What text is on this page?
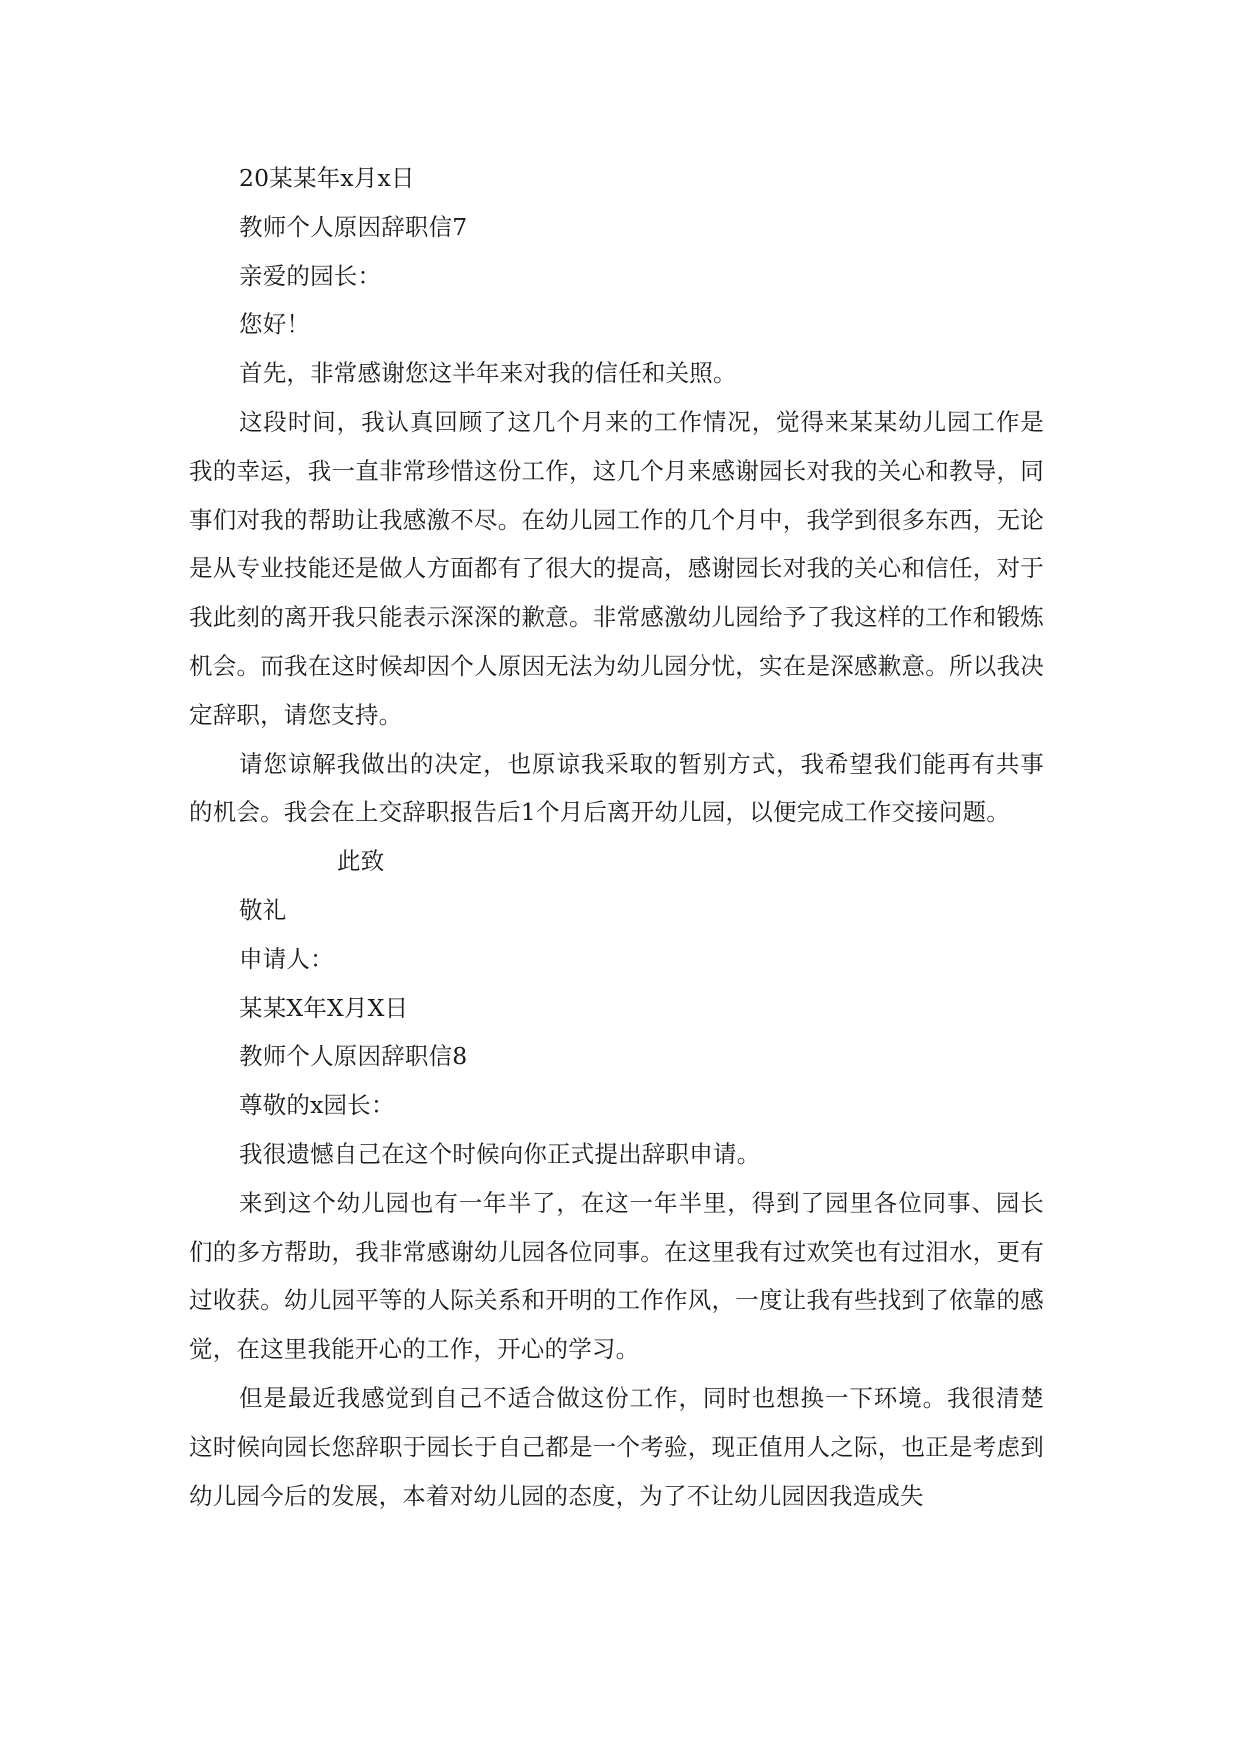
20某某年x月x日

教师个人原因辞职信7

亲爱的园长：

您好！

首先，非常感谢您这半年来对我的信任和关照。

这段时间，我认真回顾了这几个月来的工作情况，觉得来某某幼儿园工作是我的幸运，我一直非常珍惜这份工作，这几个月来感谢园长对我的关心和教导，同事们对我的帮助让我感激不尽。在幼儿园工作的几个月中，我学到很多东西，无论是从专业技能还是做人方面都有了很大的提高，感谢园长对我的关心和信任，对于我此刻的离开我只能表示深深的歉意。非常感激幼儿园给予了我这样的工作和锻炼机会。而我在这时候却因个人原因无法为幼儿园分忧，实在是深感歉意。所以我决定辞职，请您支持。

请您谅解我做出的决定，也原谅我采取的暂别方式，我希望我们能再有共事的机会。我会在上交辞职报告后1个月后离开幼儿园，以便完成工作交接问题。

此致

敬礼

申请人：

某某X年X月X日

教师个人原因辞职信8

尊敬的x园长：

我很遗憾自己在这个时候向你正式提出辞职申请。

来到这个幼儿园也有一年半了，在这一年半里，得到了园里各位同事、园长们的多方帮助，我非常感谢幼儿园各位同事。在这里我有过欢笑也有过泪水，更有过收获。幼儿园平等的人际关系和开明的工作作风，一度让我有些找到了依靠的感觉，在这里我能开心的工作，开心的学习。

但是最近我感觉到自己不适合做这份工作，同时也想换一下环境。我很清楚这时候向园长您辞职于园长于自己都是一个考验，现正值用人之际，也正是考虑到幼儿园今后的发展，本着对幼儿园的态度，为了不让幼儿园因我造成失
